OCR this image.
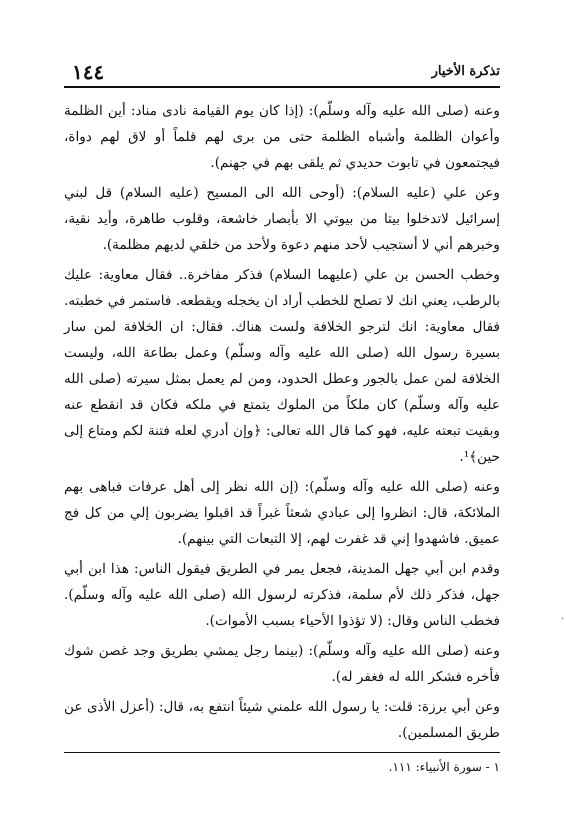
تذكرة الأخيار
١٤٤

وعنه (صلى الله عليه وآله وسلّم): (إذا كان يوم القيامة نادى مناد: أين الظلمة وأعوان الظلمة وأشباه الظلمة حتى من برى لهم قلماً أو لاق لهم دواة، فيجتمعون في تابوت حديدي ثم يلقى بهم في جهنم).

وعن علي (عليه السلام): (أوحى الله الى المسيح (عليه السلام) قل لبني إسرائيل لاتدخلوا بيتا من بيوتي الا بأبصار خاشعة، وقلوب طاهرة، وأيد نقية، وخبرهم أني لا أستجيب لأحد منهم دعوة ولأحد من خلقي لديهم مظلمة).

وخطب الحسن بن علي (عليهما السلام) فذكر مفاخرة.. فقال معاوية: عليك بالرطب، يعني انك لا تصلح للخطب أراد ان يخجله ويقطعه. فاستمر في خطبته. فقال معاوية: انك لترجو الخلافة ولست هناك. فقال: ان الخلافة لمن سار بسيرة رسول الله (صلى الله عليه وآله وسلّم) وعمل بطاعة الله، وليست الخلافة لمن عمل بالجور وعطل الحدود، ومن لم يعمل بمثل سيرته (صلى الله عليه وآله وسلّم) كان ملكاً من الملوك يتمتع في ملكه فكان قد انقطع عنه وبقيت تبعته عليه، فهو كما قال الله تعالى: ﴿وإن أدري لعله فتنة لكم ومتاع إلى حين﴾¹.

وعنه (صلى الله عليه وآله وسلّم): (إن الله نظر إلى أهل عرفات فباهى بهم الملائكة، قال: انظروا إلى عبادي شعثاً غبراً قد اقبلوا يضربون إلي من كل فج عميق. فاشهدوا إني قد غفرت لهم، إلا التبعات التي بينهم).

وقدم ابن أبي جهل المدينة، فجعل يمر في الطريق فيقول الناس: هذا ابن أبي جهل، فذكر ذلك لأم سلمة، فذكرته لرسول الله (صلى الله عليه وآله وسلّم). فخطب الناس وقال: (لا تؤذوا الأحياء بسبب الأموات).

وعنه (صلى الله عليه وآله وسلّم): (بينما رجل يمشي بطريق وجد غصن شوك فأخره فشكر الله له فغفر له).

وعن أبي برزة: قلت: يا رسول الله علمني شيئاً انتفع به، قال: (أعزل الأذى عن طريق المسلمين).

١ - سورة الأنبياء: ١١١.
·
